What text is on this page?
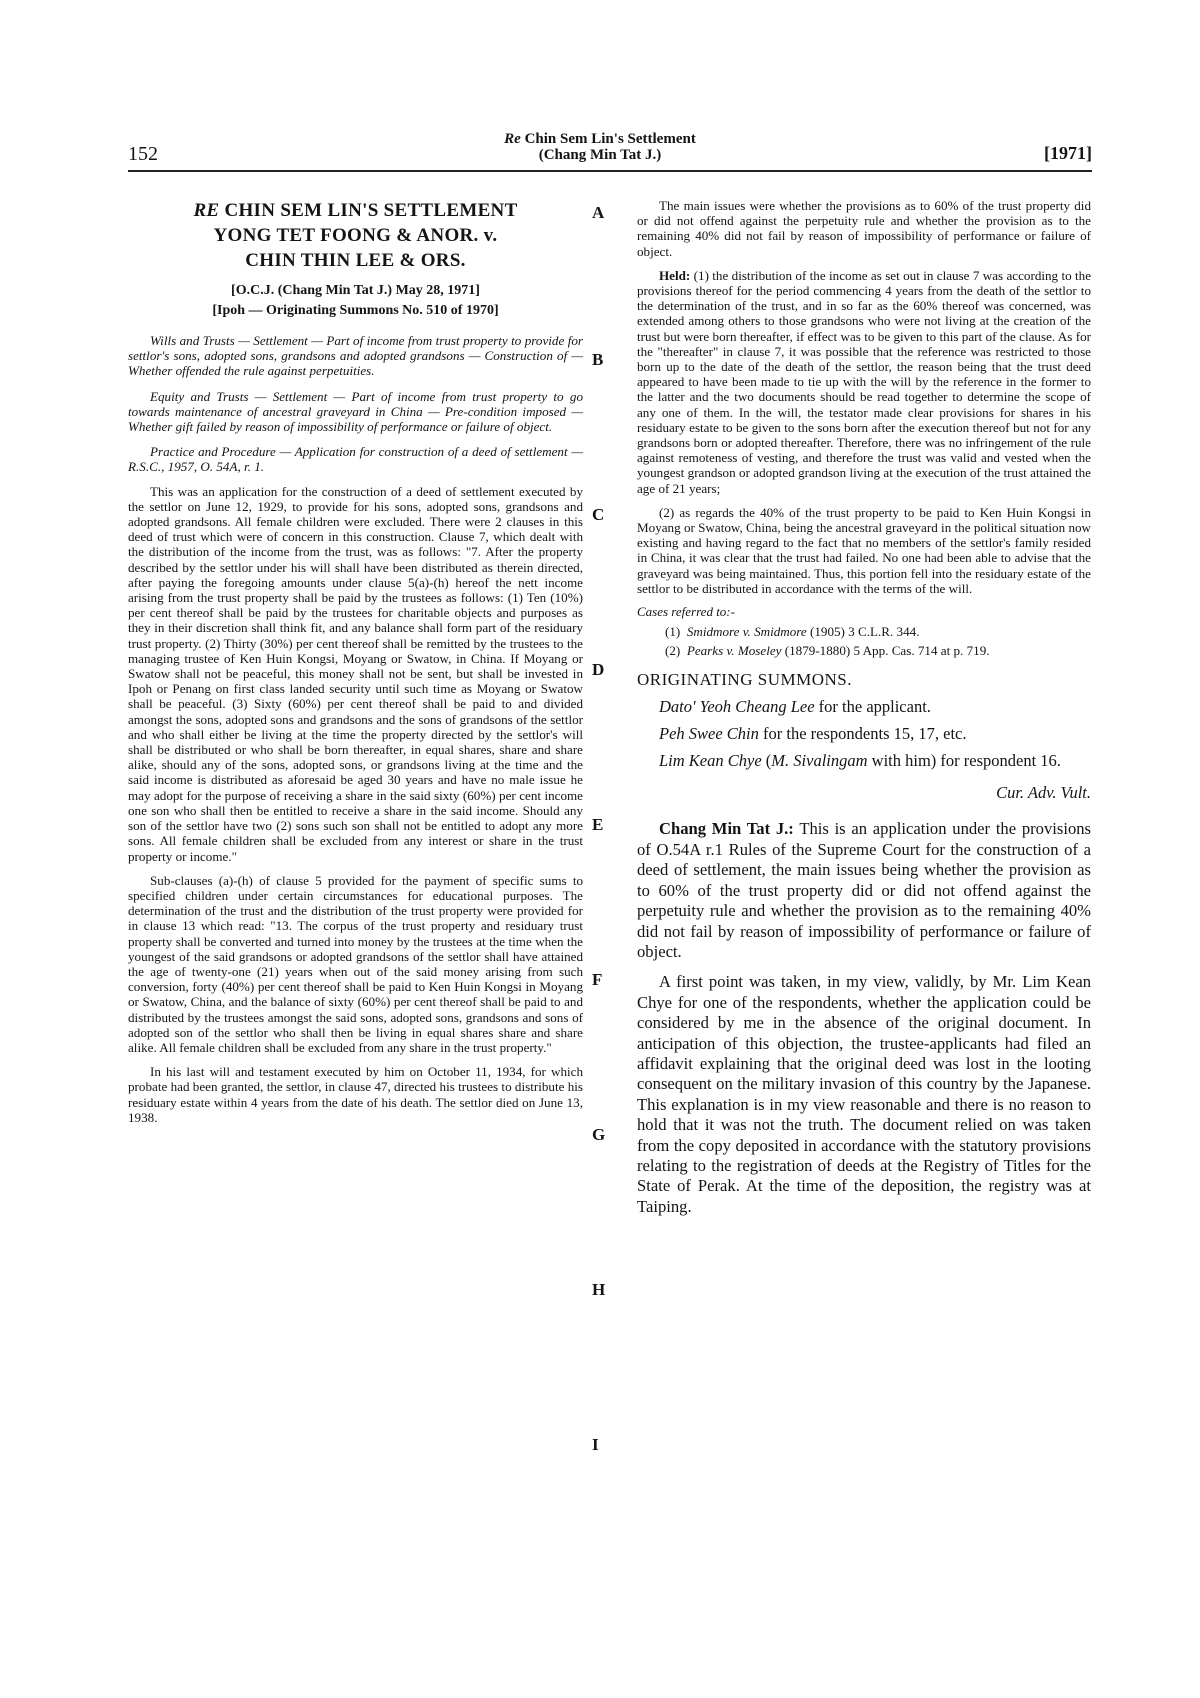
152
Re Chin Sem Lin's Settlement
(Chang Min Tat J.)	[1971]
A
B
C
D
E
F
G
H
I
RE CHIN SEM LIN'S SETTLEMENT
YONG TET FOONG & ANOR. v.
CHIN THIN LEE & ORS.
[O.C.J. (Chang Min Tat J.) May 28, 1971]
[Ipoh — Originating Summons No. 510 of 1970]

Wills and Trusts — Settlement — Part of income from trust property to provide for settlor's sons, adopted sons, grandsons and adopted grandsons — Construction of — Whether offended the rule against perpetuities.

Equity and Trusts — Settlement — Part of income from trust property to go towards maintenance of ancestral graveyard in China — Pre-condition imposed — Whether gift failed by reason of impossibility of performance or failure of object.

Practice and Procedure — Application for construction of a deed of settlement — R.S.C., 1957, O. 54A, r. 1.

This was an application for the construction of a deed of settlement executed by the settlor on June 12, 1929, to provide for his sons, adopted sons, grandsons and adopted grandsons. All female children were excluded. There were 2 clauses in this deed of trust which were of concern in this construction. Clause 7, which dealt with the distribution of the income from the trust, was as follows: "7. After the property described by the settlor under his will shall have been distributed as therein directed, after paying the foregoing amounts under clause 5(a)-(h) hereof the nett income arising from the trust property shall be paid by the trustees as follows: (1) Ten (10%) per cent thereof shall be paid by the trustees for charitable objects and purposes as they in their discretion shall think fit, and any balance shall form part of the residuary trust property. (2) Thirty (30%) per cent thereof shall be remitted by the trustees to the managing trustee of Ken Huin Kongsi, Moyang or Swatow, in China. If Moyang or Swatow shall not be peaceful, this money shall not be sent, but shall be invested in Ipoh or Penang on first class landed security until such time as Moyang or Swatow shall be peaceful. (3) Sixty (60%) per cent thereof shall be paid to and divided amongst the sons, adopted sons and grandsons and the sons of grandsons of the settlor and who shall either be living at the time the property directed by the settlor's will shall be distributed or who shall be born thereafter, in equal shares, share and share alike, should any of the sons, adopted sons, or grandsons living at the time and the said income is distributed as aforesaid be aged 30 years and have no male issue he may adopt for the purpose of receiving a share in the said sixty (60%) per cent income one son who shall then be entitled to receive a share in the said income. Should any son of the settlor have two (2) sons such son shall not be entitled to adopt any more sons. All female children shall be excluded from any interest or share in the trust property or income."

Sub-clauses (a)-(h) of clause 5 provided for the payment of specific sums to specified children under certain circumstances for educational purposes. The determination of the trust and the distribution of the trust property were provided for in clause 13 which read: "13. The corpus of the trust property and residuary trust property shall be converted and turned into money by the trustees at the time when the youngest of the said grandsons or adopted grandsons of the settlor shall have attained the age of twenty-one (21) years when out of the said money arising from such conversion, forty (40%) per cent thereof shall be paid to Ken Huin Kongsi in Moyang or Swatow, China, and the balance of sixty (60%) per cent thereof shall be paid to and distributed by the trustees amongst the said sons, adopted sons, grandsons and sons of adopted son of the settlor who shall then be living in equal shares share and share alike. All female children shall be excluded from any share in the trust property."

In his last will and testament executed by him on October 11, 1934, for which probate had been granted, the settlor, in clause 47, directed his trustees to distribute his residuary estate within 4 years from the date of his death. The settlor died on June 13, 1938.

The main issues were whether the provisions as to 60% of the trust property did or did not offend against the perpetuity rule and whether the provision as to the remaining 40% did not fail by reason of impossibility of performance or failure of object.

Held: (1) the distribution of the income as set out in clause 7 was according to the provisions thereof for the period commencing 4 years from the death of the settlor to the determination of the trust, and in so far as the 60% thereof was concerned, was extended among others to those grandsons who were not living at the creation of the trust but were born thereafter, if effect was to be given to this part of the clause. As for the "thereafter" in clause 7, it was possible that the reference was restricted to those born up to the date of the death of the settlor, the reason being that the trust deed appeared to have been made to tie up with the will by the reference in the former to the latter and the two documents should be read together to determine the scope of any one of them. In the will, the testator made clear provisions for shares in his residuary estate to be given to the sons born after the execution thereof but not for any grandsons born or adopted thereafter. Therefore, there was no infringement of the rule against remoteness of vesting, and therefore the trust was valid and vested when the youngest grandson or adopted grandson living at the execution of the trust attained the age of 21 years;

(2) as regards the 40% of the trust property to be paid to Ken Huin Kongsi in Moyang or Swatow, China, being the ancestral graveyard in the political situation now existing and having regard to the fact that no members of the settlor's family resided in China, it was clear that the trust had failed. No one had been able to advise that the graveyard was being maintained. Thus, this portion fell into the residuary estate of the settlor to be distributed in accordance with the terms of the will.

Cases referred to:-
(1) Smidmore v. Smidmore (1905) 3 C.L.R. 344.
(2) Pearks v. Moseley (1879-1880) 5 App. Cas. 714 at p. 719.
ORIGINATING SUMMONS.
Dato' Yeoh Cheang Lee for the applicant.
Peh Swee Chin for the respondents 15, 17, etc.
Lim Kean Chye (M. Sivalingam with him) for respondent 16.
Cur. Adv. Vult.

Chang Min Tat J.: This is an application under the provisions of O.54A r.1 Rules of the Supreme Court for the construction of a deed of settlement, the main issues being whether the provision as to 60% of the trust property did or did not offend against the perpetuity rule and whether the provision as to the remaining 40% did not fail by reason of impossibility of performance or failure of object.

A first point was taken, in my view, validly, by Mr. Lim Kean Chye for one of the respondents, whether the application could be considered by me in the absence of the original document. In anticipation of this objection, the trustee-applicants had filed an affidavit explaining that the original deed was lost in the looting consequent on the military invasion of this country by the Japanese. This explanation is in my view reasonable and there is no reason to hold that it was not the truth. The document relied on was taken from the copy deposited in accordance with the statutory provisions relating to the registration of deeds at the Registry of Titles for the State of Perak. At the time of the deposition, the registry was at Taiping.
